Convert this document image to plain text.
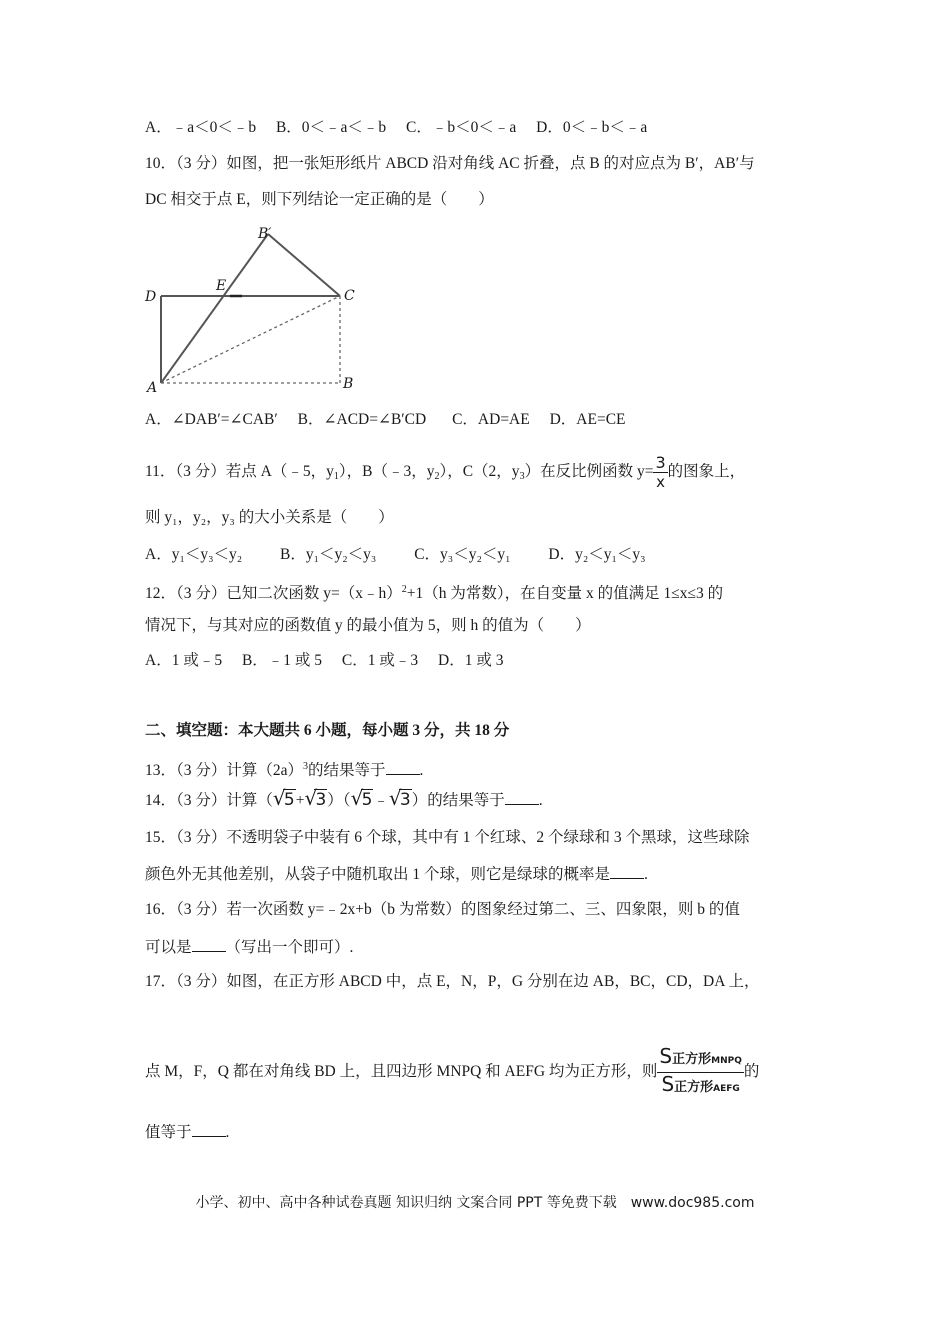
A．﹣a＜0＜﹣b B．0＜﹣a＜﹣b C．﹣b＜0＜﹣a D．0＜﹣b＜﹣a
10．（3 分）如图，把一张矩形纸片 ABCD 沿对角线 AC 折叠，点 B 的对应点为 B′，AB′与
DC 相交于点 E，则下列结论一定正确的是（　　）
D
E
B′
C
A	B
A．∠DAB′=∠CAB′ B．∠ACD=∠B′CD C．AD=AE D．AE=CE
11．（3 分）若点 A（﹣5，$y_1$），B（﹣3，$y_2$），C（2，$y_3$）在反比例函数 $y= \frac{3}{x}$ 的图象上，
则 y₁，y₂，y₃ 的大小关系是（　　）
A．y₁＜y₃＜y₂ B．y₁＜y₂＜y₃ C．y₃＜y₂＜y₁ D．y₂＜y₁＜y₃
12．（3 分）已知二次函数 y=（x﹣h）$^2$+1（h 为常数），在自变量 x 的值满足 1≤x≤3 的
情况下，与其对应的函数值 y 的最小值为 5，则 h 的值为（　　）
A．1 或﹣5 B．﹣1 或 5 C．1 或﹣3 D．1 或 3
二、填空题：本大题共 6 小题，每小题 3 分，共 18 分
13．（3 分）计算$(2a)^3$的结果等于 .
14．（3 分）计算（ √
5+ √
3）（ √
5﹣ √
3）的结果等于 .
15．（3 分）不透明袋子中装有 6 个球，其中有 1 个红球、2 个绿球和 3 个黑球，这些球除
颜色外无其他差别，从袋子中随机取出 1 个球，则它是绿球的概率是 .
16．（3 分）若一次函数 y=﹣2x+b（b 为常数）的图象经过第二、三、四象限，则 b 的值
可以是 （写出一个即可）.
17．（3 分）如图，在正方形 ABCD 中，点 E，N，P，G 分别在边 AB，BC，CD，DA 上，
点 M，F，Q 都在对角线 BD 上，且四边形 MNPQ 和 AEFG 均为正方形，则 $\frac{\text{S正方形MNPQ}}{\text{S正方形AEFG}}$ 的
值等于 .
小学、初中、高中各种试卷真题 知识归纳 文案合同 PPT 等免费下载　www.doc985.com
